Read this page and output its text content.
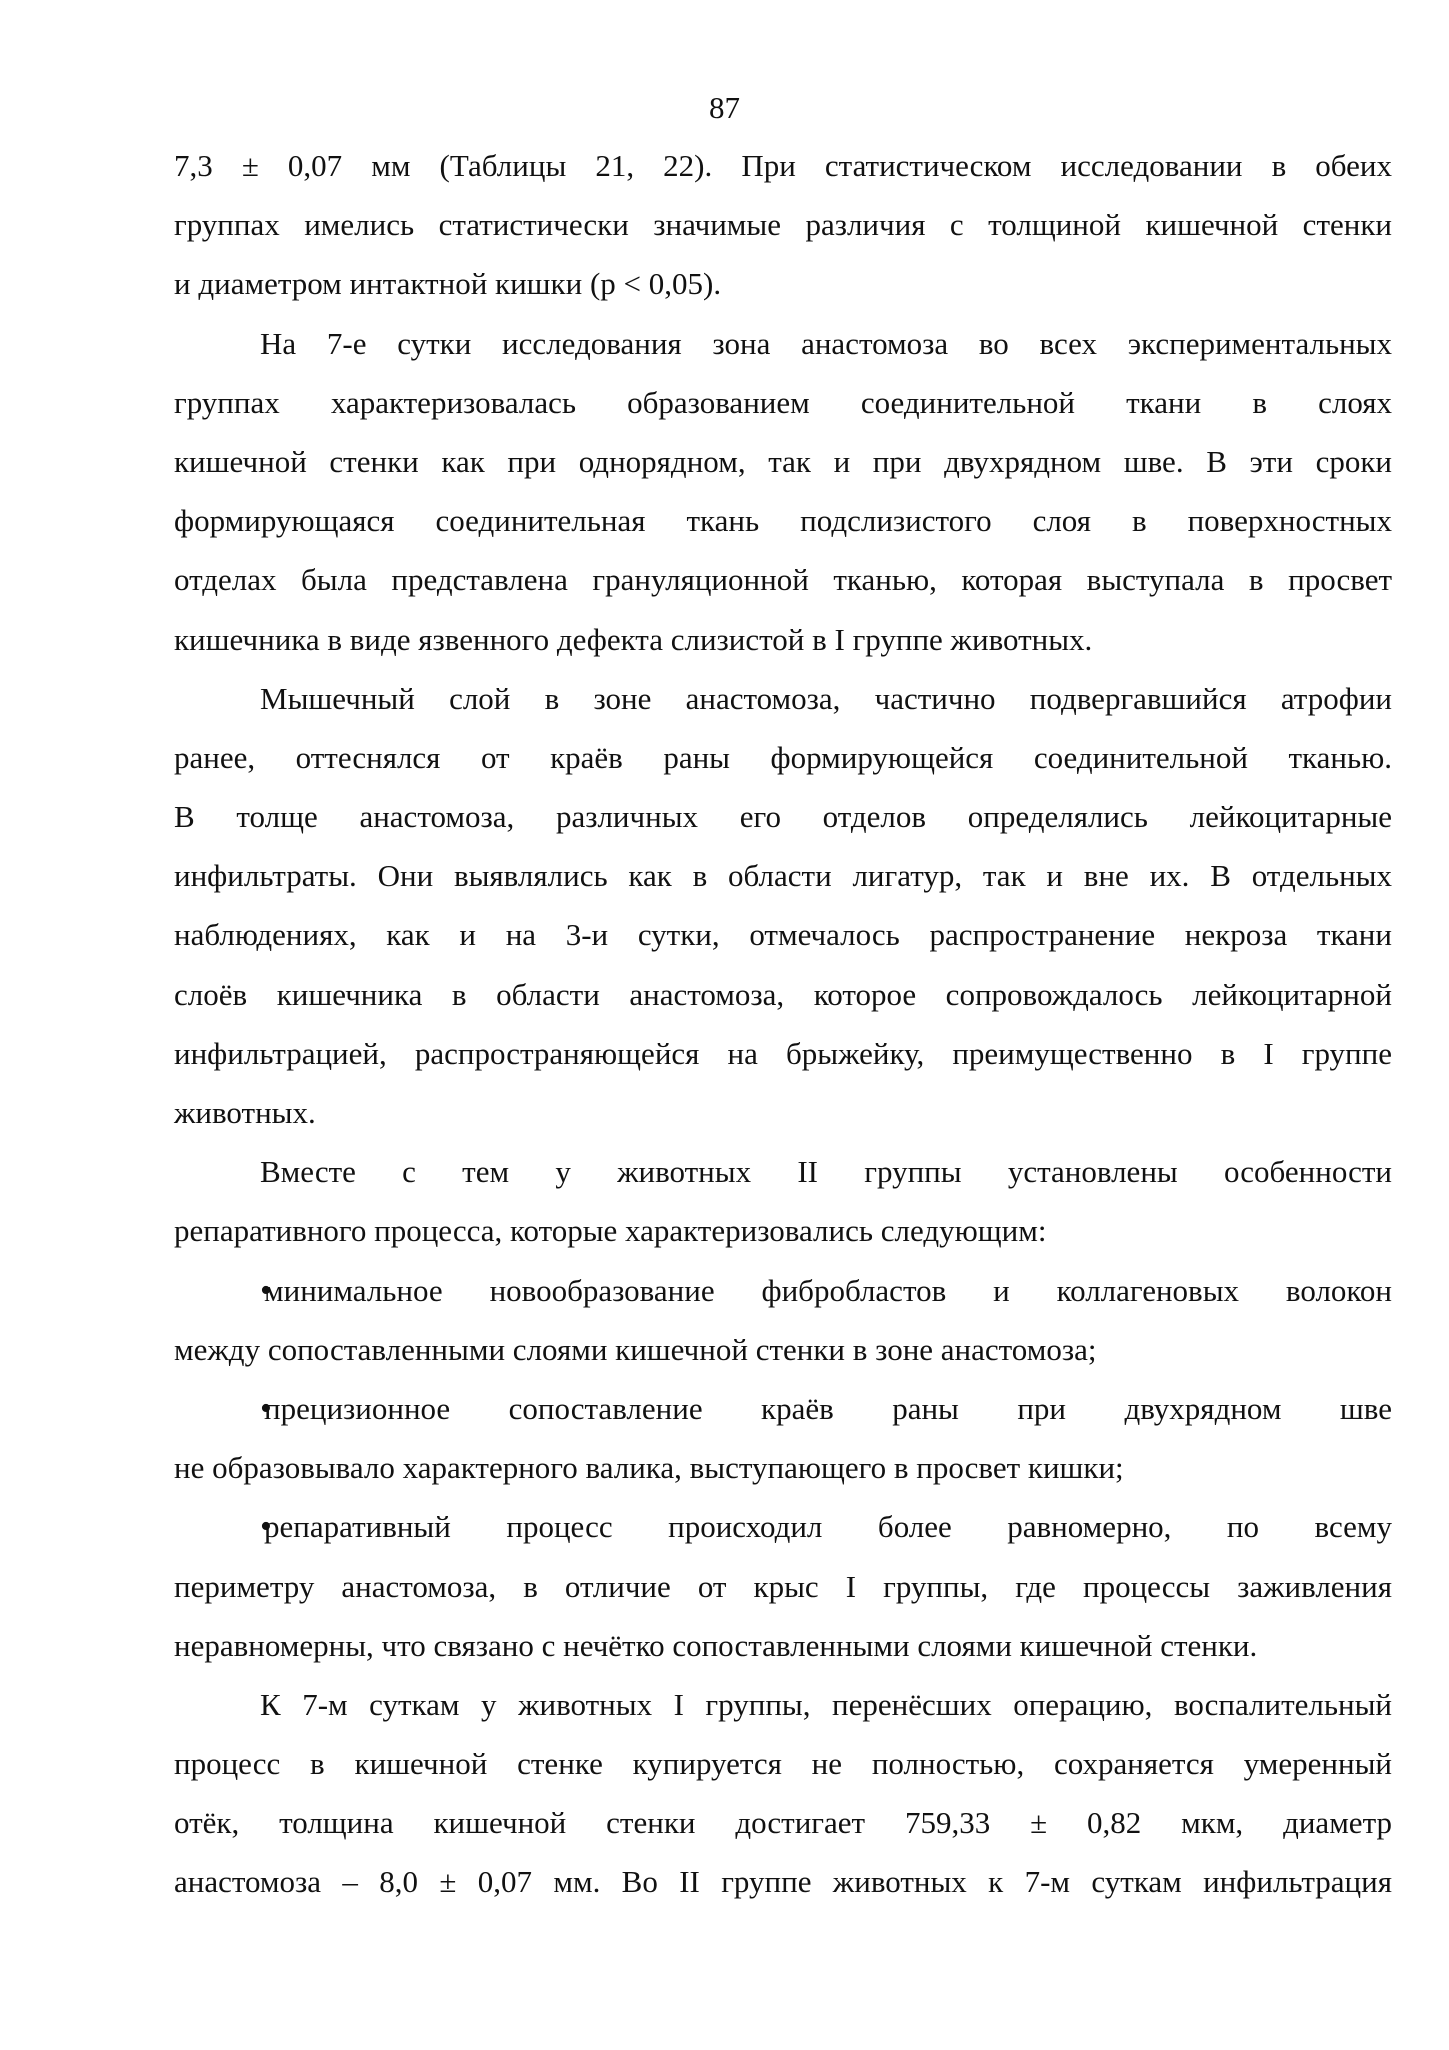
87
7,3 ± 0,07 мм (Таблицы 21, 22). При статистическом исследовании в обеих
группах имелись статистически значимые различия с толщиной кишечной стенки
и диаметром интактной кишки (p < 0,05).
На 7-е сутки исследования зона анастомоза во всех экспериментальных
группах характеризовалась образованием соединительной ткани в слоях
кишечной стенки как при однорядном, так и при двухрядном шве. В эти сроки
формирующаяся соединительная ткань подслизистого слоя в поверхностных
отделах была представлена грануляционной тканью, которая выступала в просвет
кишечника в виде язвенного дефекта слизистой в I группе животных.
Мышечный слой в зоне анастомоза, частично подвергавшийся атрофии
ранее, оттеснялся от краёв раны формирующейся соединительной тканью.
В толще анастомоза, различных его отделов определялись лейкоцитарные
инфильтраты. Они выявлялись как в области лигатур, так и вне их. В отдельных
наблюдениях, как и на 3-и сутки, отмечалось распространение некроза ткани
слоёв кишечника в области анастомоза, которое сопровождалось лейкоцитарной
инфильтрацией, распространяющейся на брыжейку, преимущественно в I группе
животных.
Вместе с тем у животных II группы установлены особенности
репаративного процесса, которые характеризовались следующим:
• минимальное новообразование фибробластов и коллагеновых волокон
между сопоставленными слоями кишечной стенки в зоне анастомоза;
• прецизионное сопоставление краёв раны при двухрядном шве
не образовывало характерного валика, выступающего в просвет кишки;
• репаративный процесс происходил более равномерно, по всему
периметру анастомоза, в отличие от крыс I группы, где процессы заживления
неравномерны, что связано с нечётко сопоставленными слоями кишечной стенки.
К 7-м суткам у животных I группы, перенёсших операцию, воспалительный
процесс в кишечной стенке купируется не полностью, сохраняется умеренный
отёк, толщина кишечной стенки достигает 759,33 ± 0,82 мкм, диаметр
анастомоза – 8,0 ± 0,07 мм. Во II группе животных к 7-м суткам инфильтрация
